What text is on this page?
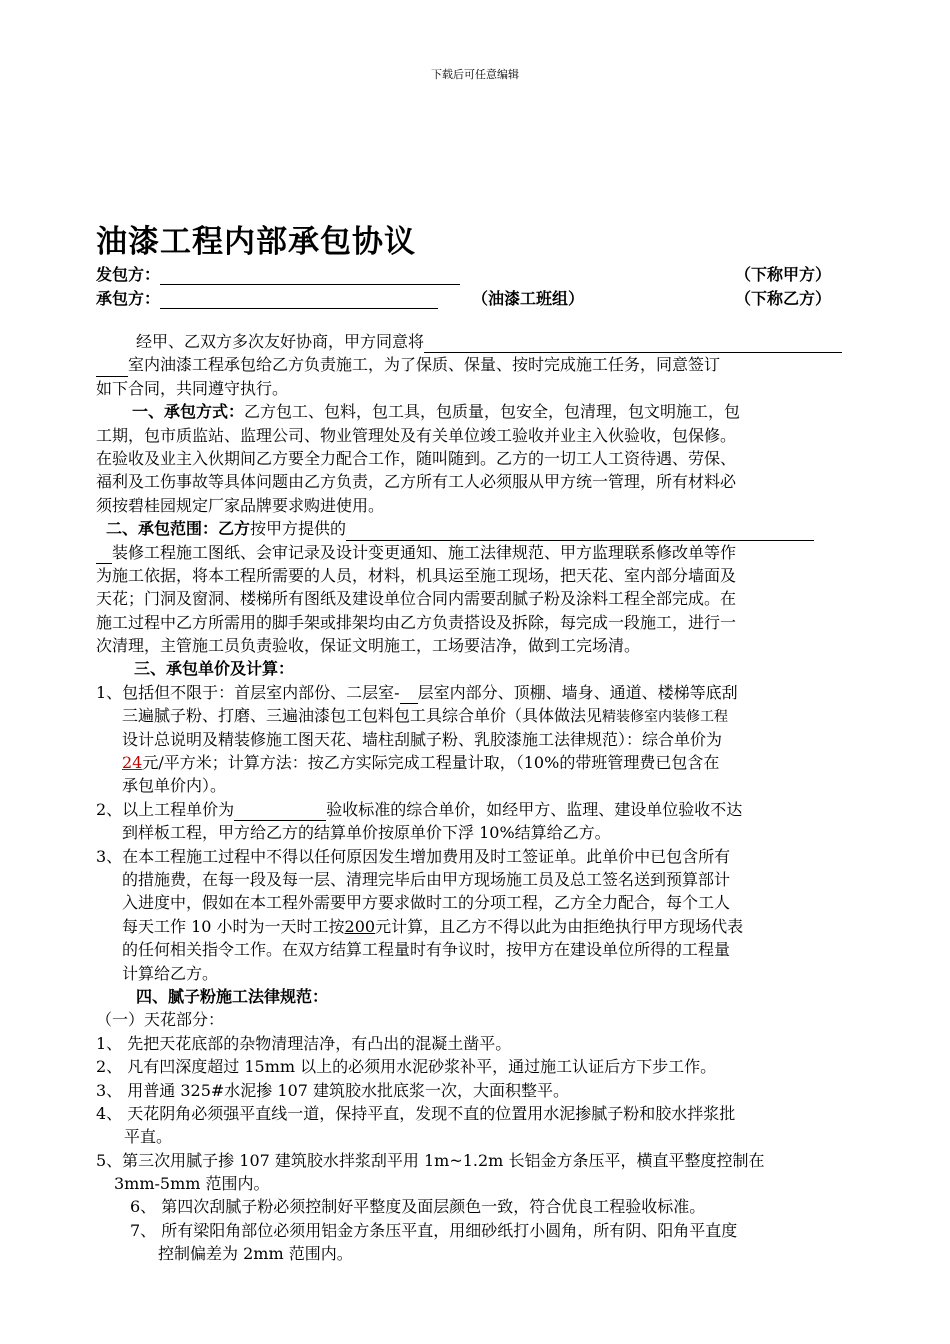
下载后可任意编辑
油漆工程内部承包协议
发包方：	（下称甲方）
承包方：	（油漆工班组）	（下称乙方）
经甲、乙双方多次友好协商，甲方同意将
室内油漆工程承包给乙方负责施工，为了保质、保量、按时完成施工任务，同意签订
如下合同，共同遵守执行。
一、承包方式：乙方包工、包料，包工具，包质量，包安全，包清理，包文明施工，包
工期，包市质监站、监理公司、物业管理处及有关单位竣工验收并业主入伙验收，包保修。
在验收及业主入伙期间乙方要全力配合工作，随叫随到。乙方的一切工人工资待遇、劳保、
福利及工伤事故等具体问题由乙方负责，乙方所有工人必须服从甲方统一管理，所有材料必
须按碧桂园规定厂家品牌要求购进使用。
二、承包范围：乙方按甲方提供的
装修工程施工图纸、会审记录及设计变更通知、施工法律规范、甲方监理联系修改单等作
为施工依据，将本工程所需要的人员，材料，机具运至施工现场，把天花、室内部分墙面及
天花；门洞及窗洞、楼梯所有图纸及建设单位合同内需要刮腻子粉及涂料工程全部完成。在
施工过程中乙方所需用的脚手架或排架均由乙方负责搭设及拆除，每完成一段施工，进行一
次清理，主管施工员负责验收，保证文明施工，工场要洁净，做到工完场清。
三、承包单价及计算：
1、包括但不限于：首层室内部份、二层室- 层室内部分、顶棚、墙身、通道、楼梯等底刮
三遍腻子粉、打磨、三遍油漆包工包料包工具综合单价（具体做法见精装修室内装修工程
设计总说明及精装修施工图天花、墙柱刮腻子粉、乳胶漆施工法律规范）：综合单价为
24元/平方米；计算方法：按乙方实际完成工程量计取，（10%的带班管理费已包含在
承包单价内）。
2、以上工程单价为	验收标准的综合单价，如经甲方、监理、建设单位验收不达
到样板工程，甲方给乙方的结算单价按原单价下浮 10%结算给乙方。
3、在本工程施工过程中不得以任何原因发生增加费用及时工签证单。此单价中已包含所有
的措施费，在每一段及每一层、清理完毕后由甲方现场施工员及总工签名送到预算部计
入进度中，假如在本工程外需要甲方要求做时工的分项工程，乙方全力配合，每个工人
每天工作 10 小时为一天时工按200元计算，且乙方不得以此为由拒绝执行甲方现场代表
的任何相关指令工作。在双方结算工程量时有争议时，按甲方在建设单位所得的工程量
计算给乙方。
四、腻子粉施工法律规范：
（一）天花部分：
1、 先把天花底部的杂物清理洁净，有凸出的混凝土凿平。
2、 凡有凹深度超过 15mm 以上的必须用水泥砂浆补平，通过施工认证后方下步工作。
3、 用普通 325#水泥掺 107 建筑胶水批底浆一次，大面积整平。
4、 天花阴角必须强平直线一道，保持平直，发现不直的位置用水泥掺腻子粉和胶水拌浆批
平直。
5、第三次用腻子掺 107 建筑胶水拌浆刮平用 1m~1.2m 长铝金方条压平，横直平整度控制在
3mm-5mm 范围内。
6、 第四次刮腻子粉必须控制好平整度及面层颜色一致，符合优良工程验收标准。
7、 所有梁阳角部位必须用铝金方条压平直，用细砂纸打小圆角，所有阴、阳角平直度
控制偏差为 2mm 范围内。
